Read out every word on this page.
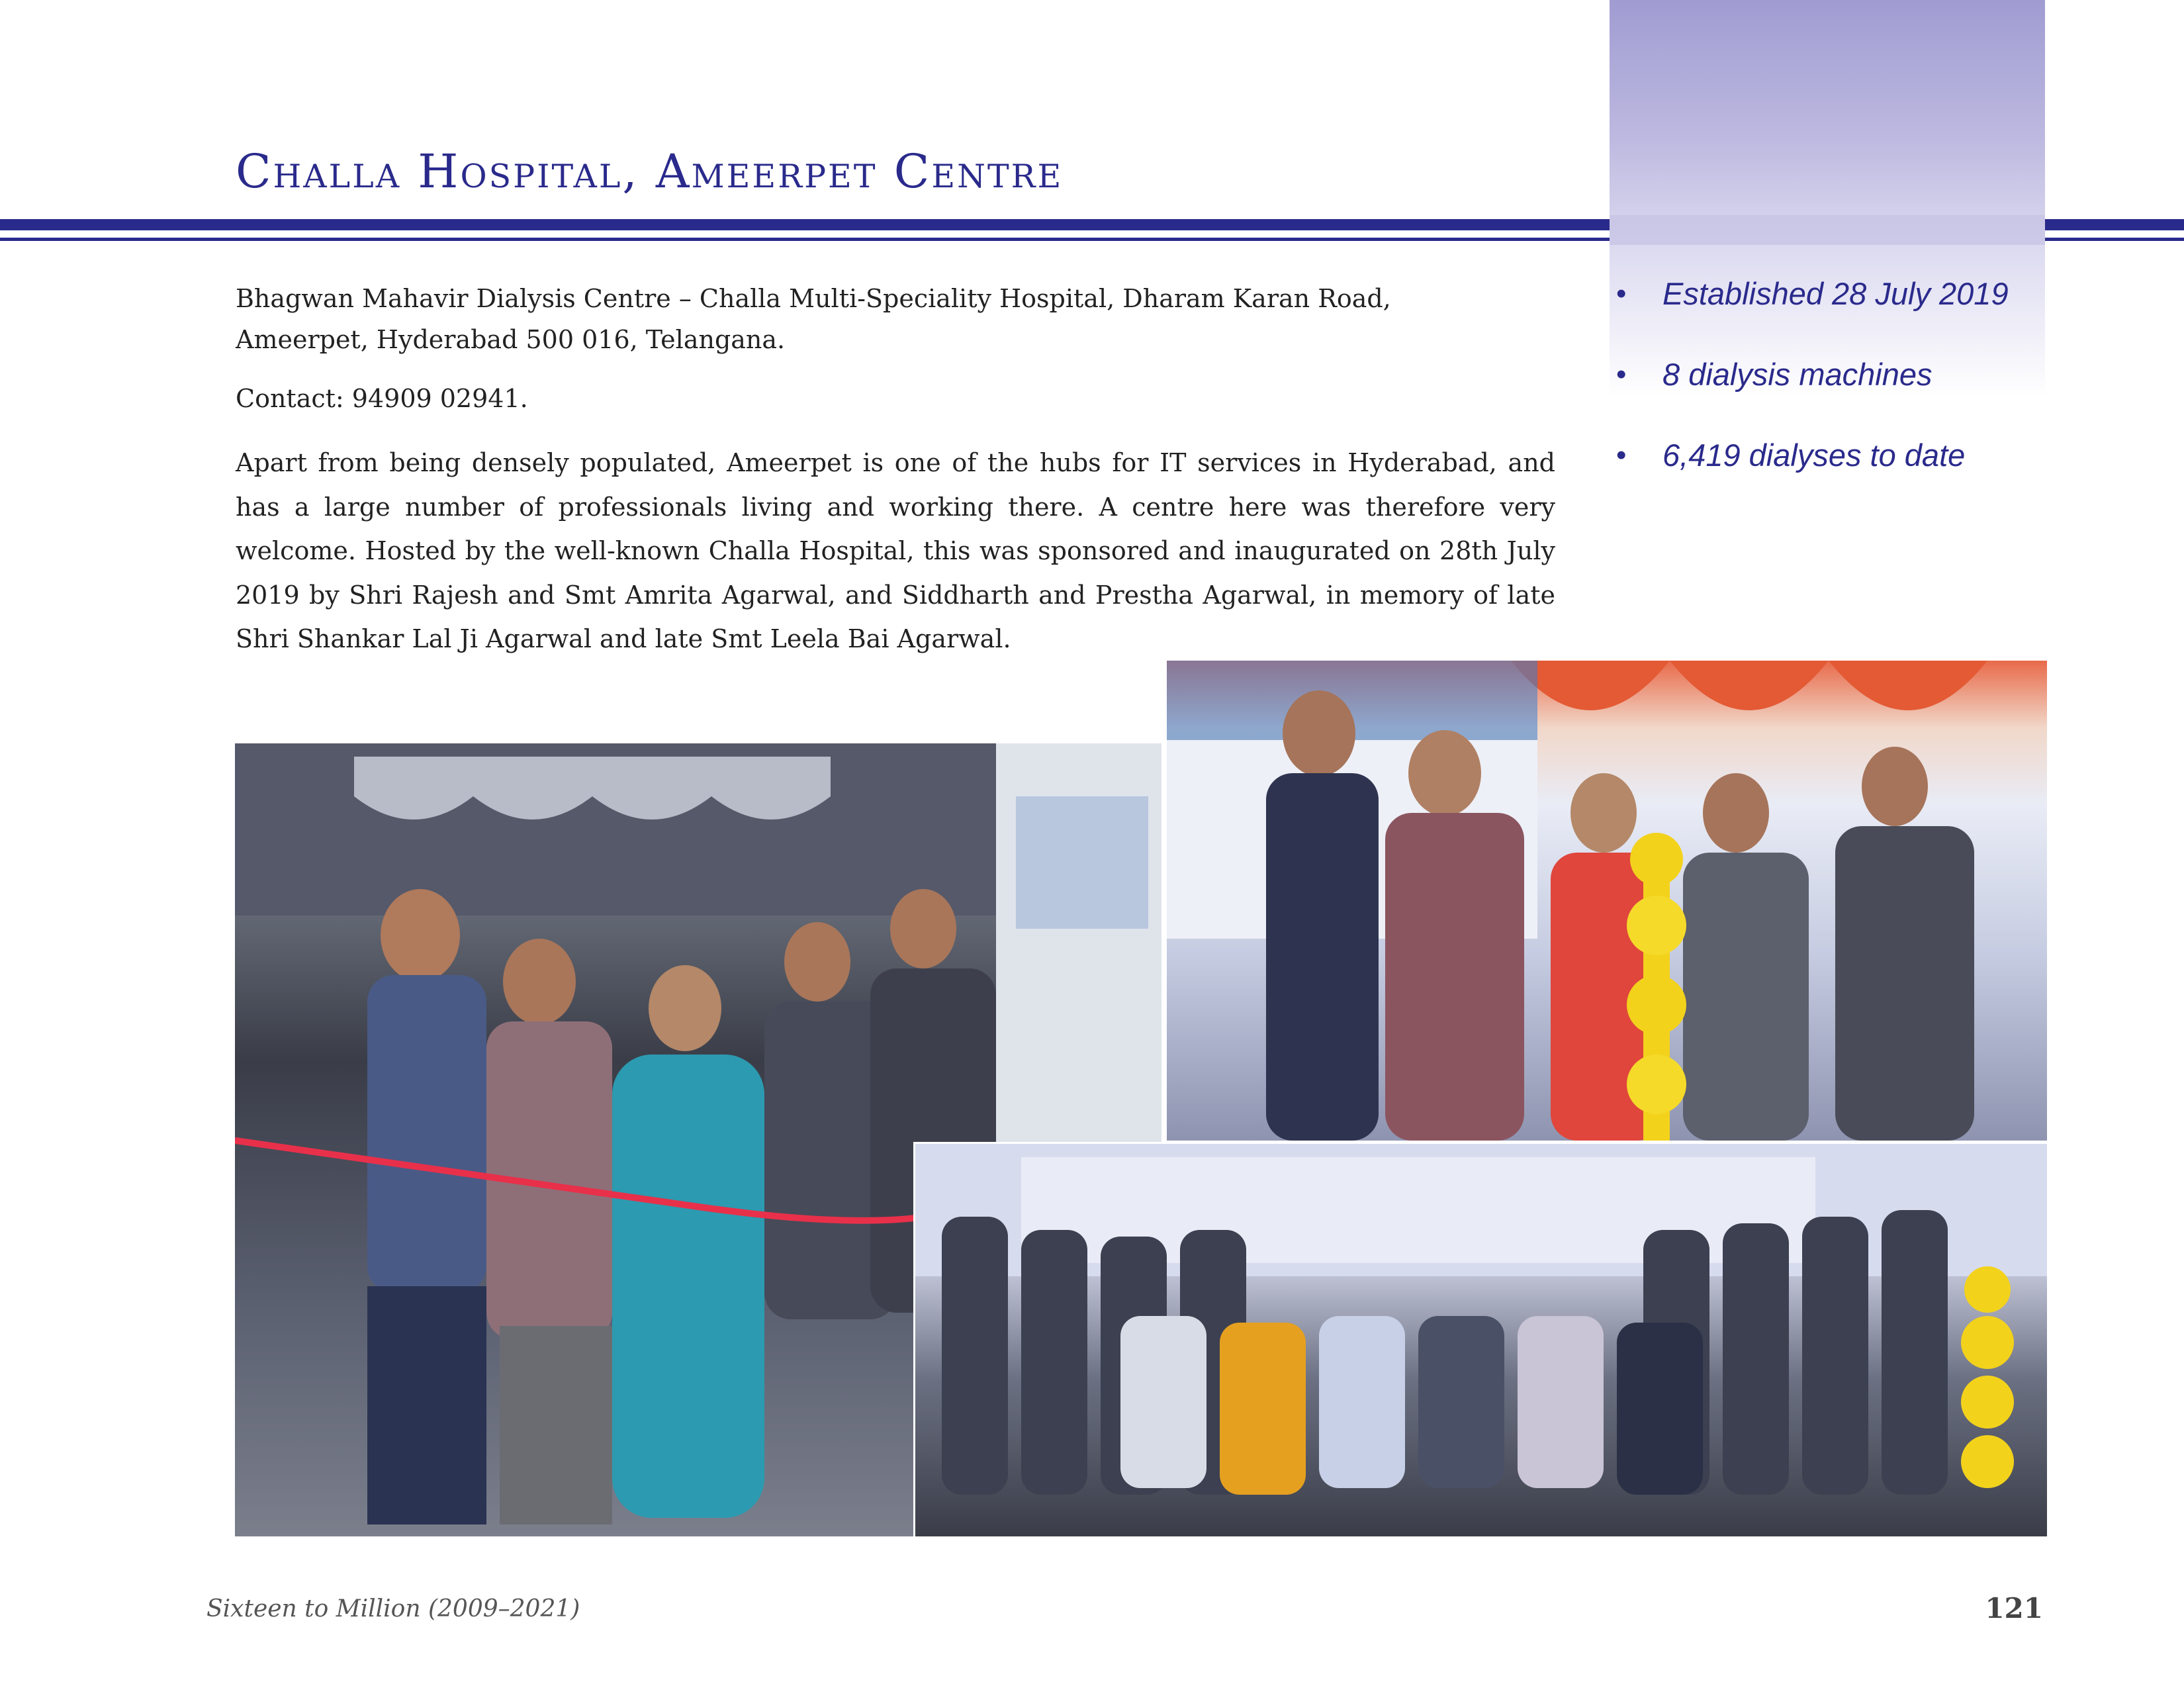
Challa Hospital, Ameerpet Centre
Bhagwan Mahavir Dialysis Centre – Challa Multi-Speciality Hospital, Dharam Karan Road,
Ameerpet, Hyderabad 500 016, Telangana.
Contact: 94909 02941.

Apart from being densely populated, Ameerpet is one of the hubs for IT services in Hyderabad, and has a large number of professionals living and working there. A centre here was therefore very welcome. Hosted by the well-known Challa Hospital, this was sponsored and inaugurated on 28th July 2019 by Shri Rajesh and Smt Amrita Agarwal, and Siddharth and Prestha Agarwal, in memory of late Shri Shankar Lal Ji Agarwal and late Smt Leela Bai Agarwal.

• Established 28 July 2019
• 8 dialysis machines
• 6,419 dialyses to date
Sixteen to Million (2009–2021)	121
